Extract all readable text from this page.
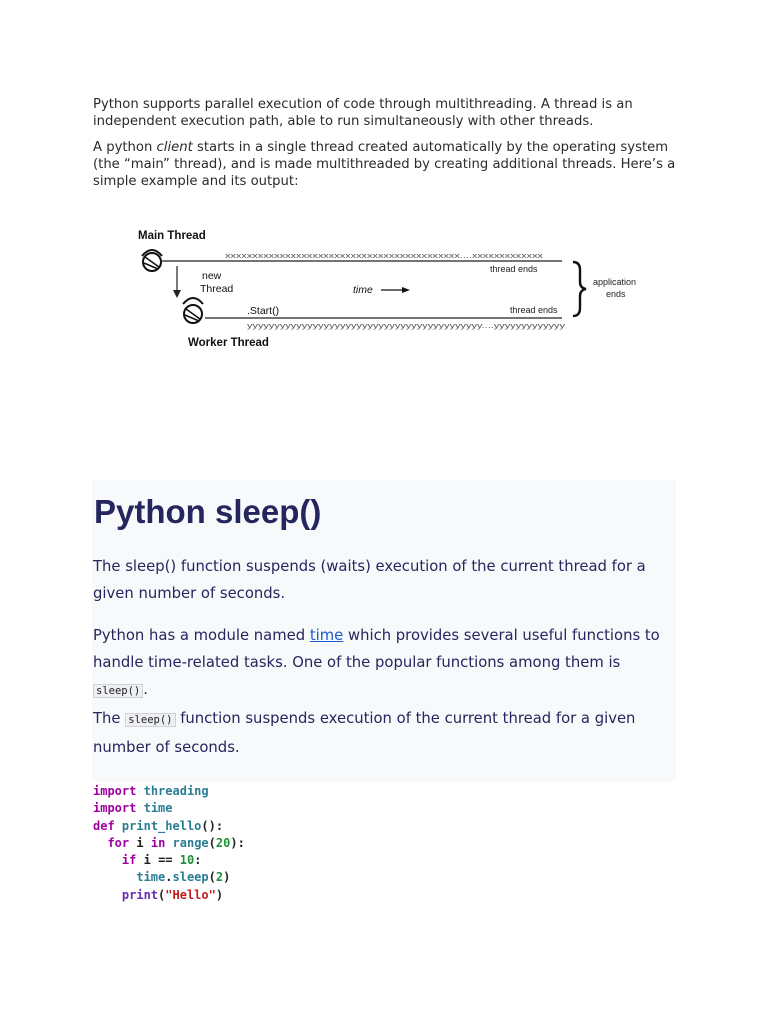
Python supports parallel execution of code through multithreading. A thread is an independent execution path, able to run simultaneously with other threads.

A python client starts in a single thread created automatically by the operating system (the “main” thread), and is made multithreaded by creating additional threads. Here’s a simple example and its output:

Main Thread
xxxxxxxxxxxxxxxxxxxxxxxxxxxxxxxxxxxxxxxxxxx....xxxxxxxxxxxxx
thread ends
new
Thread	time
.Start()	thread ends
yyyyyyyyyyyyyyyyyyyyyyyyyyyyyyyyyyyyyyyyyyy....yyyyyyyyyyyyy
Worker Thread
application
ends
Python sleep()

The sleep() function suspends (waits) execution of the current thread for a given number of seconds.

Python has a module named time which provides several useful functions to handle time-related tasks. One of the popular functions among them is sleep() .
The sleep() function suspends execution of the current thread for a given number of seconds.

import threading
import time
def print_hello():
for i in range(20):
if i == 10:
time.sleep(2)
print("Hello")
